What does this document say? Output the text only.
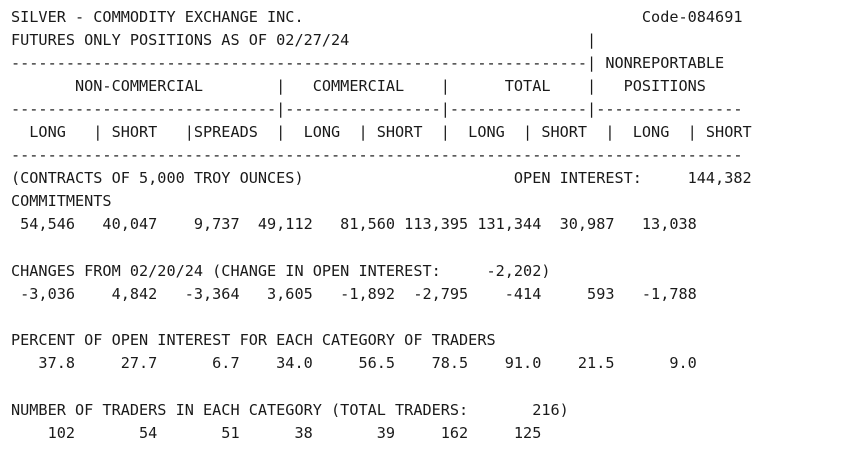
SILVER - COMMODITY EXCHANGE INC.                                     Code-084691
FUTURES ONLY POSITIONS AS OF 02/27/24                          |
---------------------------------------------------------------| NONREPORTABLE
NON-COMMERCIAL        |   COMMERCIAL    |      TOTAL    |   POSITIONS
-----------------------------|-----------------|---------------|----------------
LONG   | SHORT   |SPREADS  |  LONG  | SHORT  |  LONG  | SHORT  |  LONG  | SHORT
--------------------------------------------------------------------------------
(CONTRACTS OF 5,000 TROY OUNCES)                       OPEN INTEREST:     144,382
COMMITMENTS
54,546   40,047    9,737  49,112   81,560 113,395 131,344  30,987   13,038
CHANGES FROM 02/20/24 (CHANGE IN OPEN INTEREST:     -2,202)
-3,036    4,842   -3,364   3,605   -1,892  -2,795    -414     593   -1,788
PERCENT OF OPEN INTEREST FOR EACH CATEGORY OF TRADERS
37.8     27.7      6.7    34.0     56.5    78.5    91.0    21.5      9.0
NUMBER OF TRADERS IN EACH CATEGORY (TOTAL TRADERS:       216)
102       54       51      38       39     162     125
